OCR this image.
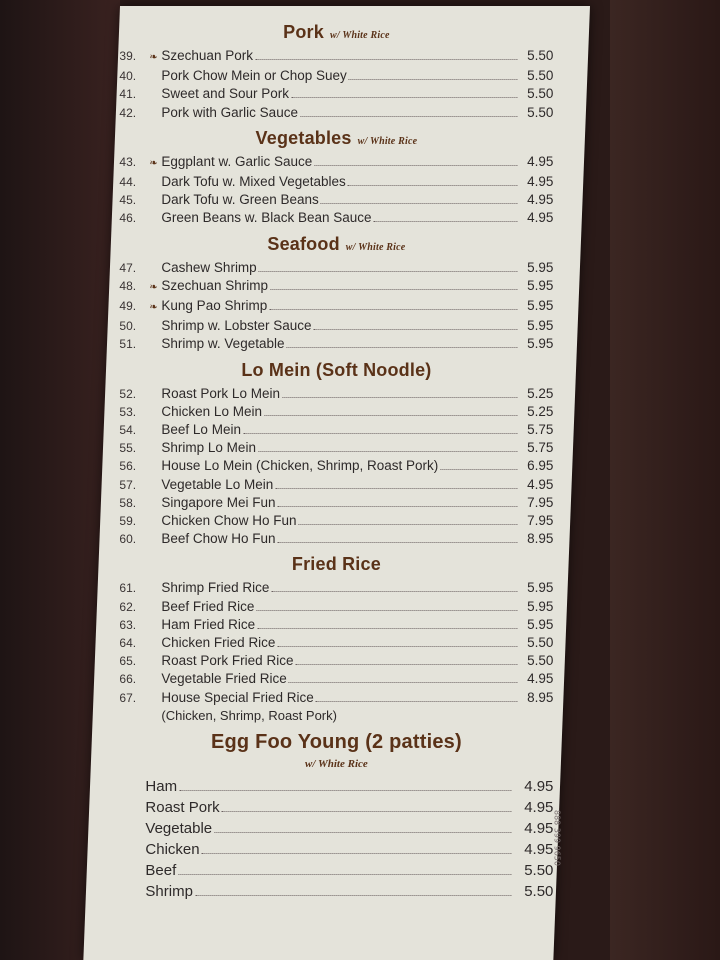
Pork w/ White Rice
39.	❧ Szechuan Pork	5.50
40.	Pork Chow Mein or Chop Suey	5.50
41.	Sweet and Sour Pork	5.50
42.	Pork with Garlic Sauce	5.50
Vegetables w/ White Rice
43.	❧ Eggplant w. Garlic Sauce	4.95
44.	Dark Tofu w. Mixed Vegetables	4.95
45.	Dark Tofu w. Green Beans	4.95
46.	Green Beans w. Black Bean Sauce	4.95
Seafood w/ White Rice
47.	Cashew Shrimp	5.95
48.	❧ Szechuan Shrimp	5.95
49.	❧ Kung Pao Shrimp	5.95
50.	Shrimp w. Lobster Sauce	5.95
51.	Shrimp w. Vegetable	5.95
Lo Mein (Soft Noodle)
52.	Roast Pork Lo Mein	5.25
53.	Chicken Lo Mein	5.25
54.	Beef Lo Mein	5.75
55.	Shrimp Lo Mein	5.75
56.	House Lo Mein (Chicken, Shrimp, Roast Pork)	6.95
57.	Vegetable Lo Mein	4.95
58.	Singapore Mei Fun	7.95
59.	Chicken Chow Ho Fun	7.95
60.	Beef Chow Ho Fun	8.95
Fried Rice
61.	Shrimp Fried Rice	5.95
62.	Beef Fried Rice	5.95
63.	Ham Fried Rice	5.95
64.	Chicken Fried Rice	5.50
65.	Roast Pork Fried Rice	5.50
66.	Vegetable Fried Rice	4.95
67.	House Special Fried Rice	8.95
(Chicken, Shrimp, Roast Pork)
Egg Foo Young (2 patties)
w/ White Rice
Ham	4.95
Roast Pork	4.95
Vegetable	4.95
Chicken	4.95
Beef	5.50
Shrimp	5.50
888 399 9650
